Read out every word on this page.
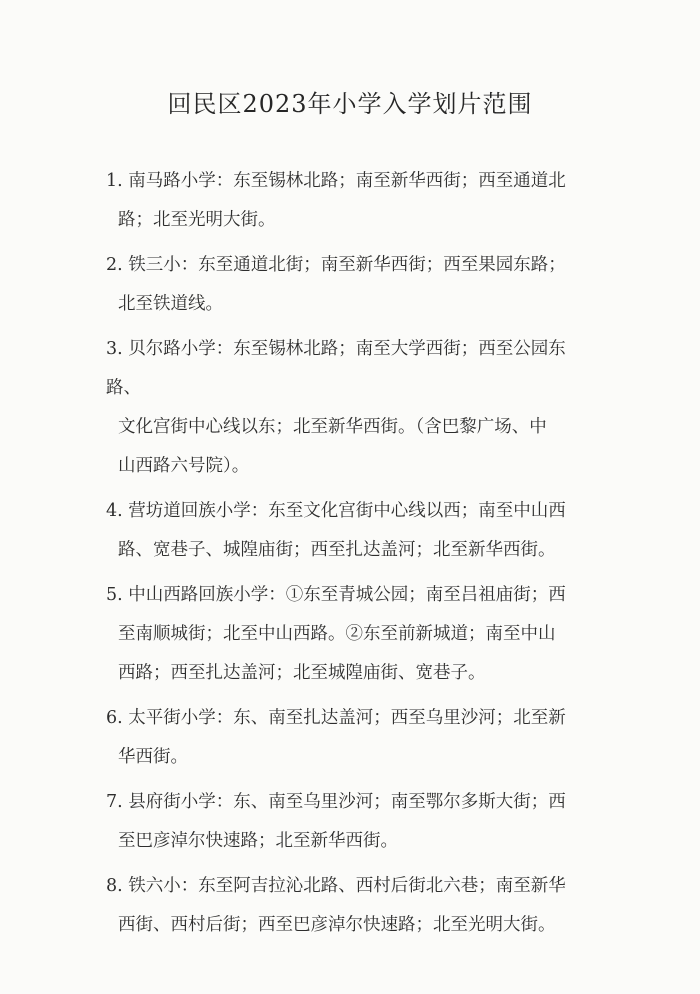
回民区2023年小学入学划片范围
1. 南马路小学：东至锡林北路；南至新华西街；西至通道北
路；北至光明大街。
2. 铁三小：东至通道北街；南至新华西街；西至果园东路；
北至铁道线。
3. 贝尔路小学：东至锡林北路；南至大学西街；西至公园东路、
文化宫街中心线以东；北至新华西街。（含巴黎广场、中
山西路六号院）。
4. 营坊道回族小学：东至文化宫街中心线以西；南至中山西
路、宽巷子、城隍庙街；西至扎达盖河；北至新华西街。
5. 中山西路回族小学：①东至青城公园；南至吕祖庙街；西
至南顺城街；北至中山西路。②东至前新城道；南至中山
西路；西至扎达盖河；北至城隍庙街、宽巷子。
6. 太平街小学：东、南至扎达盖河；西至乌里沙河；北至新
华西街。
7. 县府街小学：东、南至乌里沙河；南至鄂尔多斯大街；西
至巴彦淖尔快速路；北至新华西街。
8. 铁六小：东至阿吉拉沁北路、西村后街北六巷；南至新华
西街、西村后街；西至巴彦淖尔快速路；北至光明大街。
